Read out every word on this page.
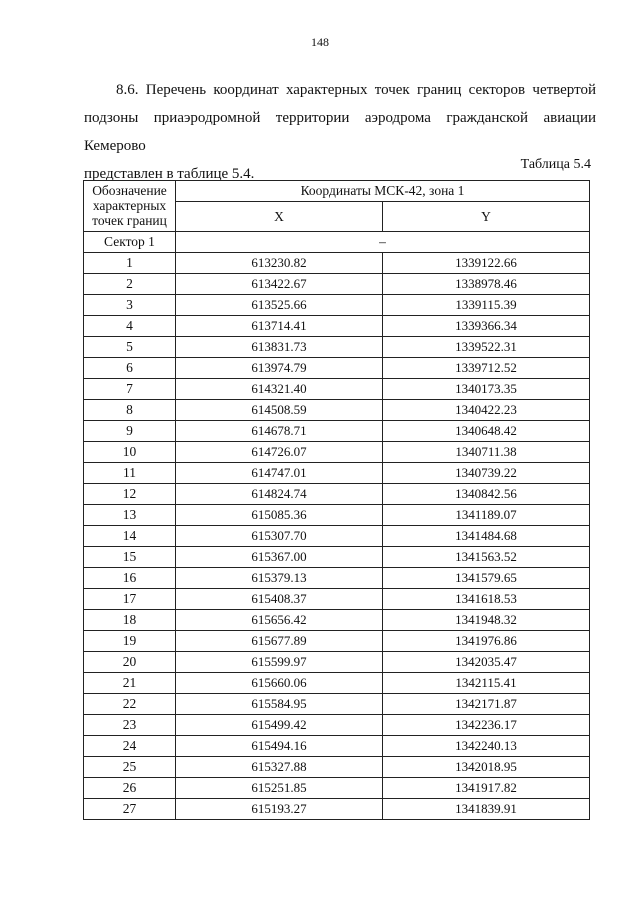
148
8.6. Перечень координат характерных точек границ секторов четвертой
подзоны приаэродромной территории аэродрома гражданской авиации Кемерово
представлен в таблице 5.4.
Таблица 5.4
Обозначение характерных точек границ	Координаты МСК-42, зона 1	
	X	Y
Сектор 1	–	
1	613230.82	1339122.66
2	613422.67	1338978.46
3	613525.66	1339115.39
4	613714.41	1339366.34
5	613831.73	1339522.31
6	613974.79	1339712.52
7	614321.40	1340173.35
8	614508.59	1340422.23
9	614678.71	1340648.42
10	614726.07	1340711.38
11	614747.01	1340739.22
12	614824.74	1340842.56
13	615085.36	1341189.07
14	615307.70	1341484.68
15	615367.00	1341563.52
16	615379.13	1341579.65
17	615408.37	1341618.53
18	615656.42	1341948.32
19	615677.89	1341976.86
20	615599.97	1342035.47
21	615660.06	1342115.41
22	615584.95	1342171.87
23	615499.42	1342236.17
24	615494.16	1342240.13
25	615327.88	1342018.95
26	615251.85	1341917.82
27	615193.27	1341839.91
